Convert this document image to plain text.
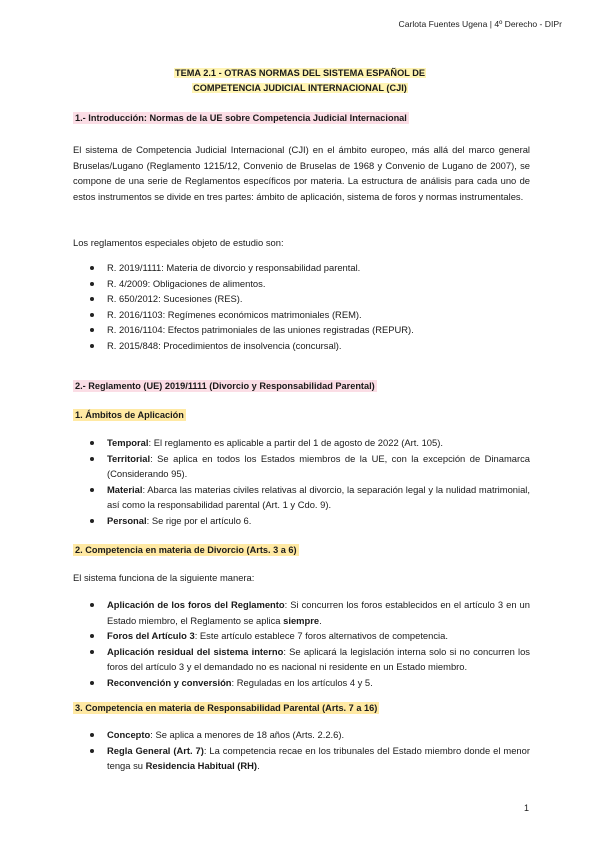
Carlota Fuentes Ugena | 4º Derecho - DIPr
TEMA 2.1 - OTRAS NORMAS DEL SISTEMA ESPAÑOL DE
COMPETENCIA JUDICIAL INTERNACIONAL (CJI)
1.- Introducción: Normas de la UE sobre Competencia Judicial Internacional
El sistema de Competencia Judicial Internacional (CJI) en el ámbito europeo, más allá del marco general Bruselas/Lugano (Reglamento 1215/12, Convenio de Bruselas de 1968 y Convenio de Lugano de 2007), se compone de una serie de Reglamentos específicos por materia. La estructura de análisis para cada uno de estos instrumentos se divide en tres partes: ámbito de aplicación, sistema de foros y normas instrumentales.
Los reglamentos especiales objeto de estudio son:
R. 2019/1111: Materia de divorcio y responsabilidad parental.
R. 4/2009: Obligaciones de alimentos.
R. 650/2012: Sucesiones (RES).
R. 2016/1103: Regímenes económicos matrimoniales (REM).
R. 2016/1104: Efectos patrimoniales de las uniones registradas (REPUR).
R. 2015/848: Procedimientos de insolvencia (concursal).
2.- Reglamento (UE) 2019/1111 (Divorcio y Responsabilidad Parental)
1. Ámbitos de Aplicación
Temporal: El reglamento es aplicable a partir del 1 de agosto de 2022 (Art. 105).
Territorial: Se aplica en todos los Estados miembros de la UE, con la excepción de Dinamarca (Considerando 95).
Material: Abarca las materias civiles relativas al divorcio, la separación legal y la nulidad matrimonial, así como la responsabilidad parental (Art. 1 y Cdo. 9).
Personal: Se rige por el artículo 6.
2. Competencia en materia de Divorcio (Arts. 3 a 6)
El sistema funciona de la siguiente manera:
Aplicación de los foros del Reglamento: Si concurren los foros establecidos en el artículo 3 en un Estado miembro, el Reglamento se aplica siempre.
Foros del Artículo 3: Este artículo establece 7 foros alternativos de competencia.
Aplicación residual del sistema interno: Se aplicará la legislación interna solo si no concurren los foros del artículo 3 y el demandado no es nacional ni residente en un Estado miembro.
Reconvención y conversión: Reguladas en los artículos 4 y 5.
3. Competencia en materia de Responsabilidad Parental (Arts. 7 a 16)
Concepto: Se aplica a menores de 18 años (Arts. 2.2.6).
Regla General (Art. 7): La competencia recae en los tribunales del Estado miembro donde el menor tenga su Residencia Habitual (RH).
1
